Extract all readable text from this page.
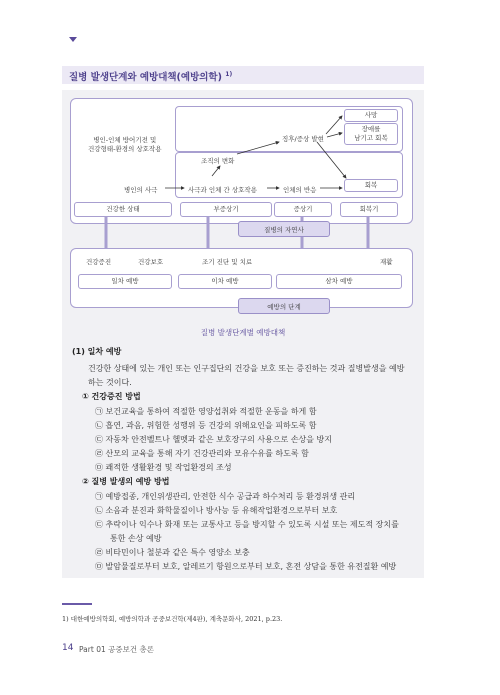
질병 발생단계와 예방대책(예방의학) $^{1)}$
병인-인체 방어기전 및
건강형태-환경의 상호작용
사망
장애를
남기고 회복
회복
징후/증상 발현
조직의 변화
병인의 사극	사극과 인체 간 상호작용	인체의 반응
건강한 상태	부증상기	증상기	회복기
질병의 자연사
건강증진	건강보호	조기 진단 및 치료	재활
일차 예방	이차 예방	삼차 예방
예방의 단계
질병 발생단계별 예방대책
(1) 일차 예방
건강한 상태에 있는 개인 또는 인구집단의 건강을 보호 또는 증진하는 것과 질병발생을 예방
하는 것이다.
① 건강증진 방법
㉠ 보건교육을 통하여 적절한 영양섭취와 적절한 운동을 하게 함
㉡ 흡연, 과음, 위험한 성행위 등 건강의 위해요인을 피하도록 함
㉢ 자동차 안전벨트나 헬멧과 같은 보호장구의 사용으로 손상을 방지
㉣ 산모의 교육을 통해 자기 건강관리와 모유수유를 하도록 함
㉤ 쾌적한 생활환경 및 작업환경의 조성
② 질병 발생의 예방 방법
㉠ 예방접종, 개인위생관리, 안전한 식수 공급과 하수처리 등 환경위생 관리
㉡ 소음과 분진과 화학물질이나 방사능 등 유해작업환경으로부터 보호
㉢ 추락이나 익수나 화재 또는 교통사고 등을 방지할 수 있도록 시설 또는 제도적 장치를
통한 손상 예방
㉣ 비타민이나 철분과 같은 특수 영양소 보충
㉤ 발암물질로부터 보호, 알레르기 항원으로부터 보호, 혼전 상담을 통한 유전질환 예방
1) 대한예방의학회, 예방의학과 공중보건학(제4판), 계축문화사, 2021, p.23.
14 Part 01 공중보건 총론
